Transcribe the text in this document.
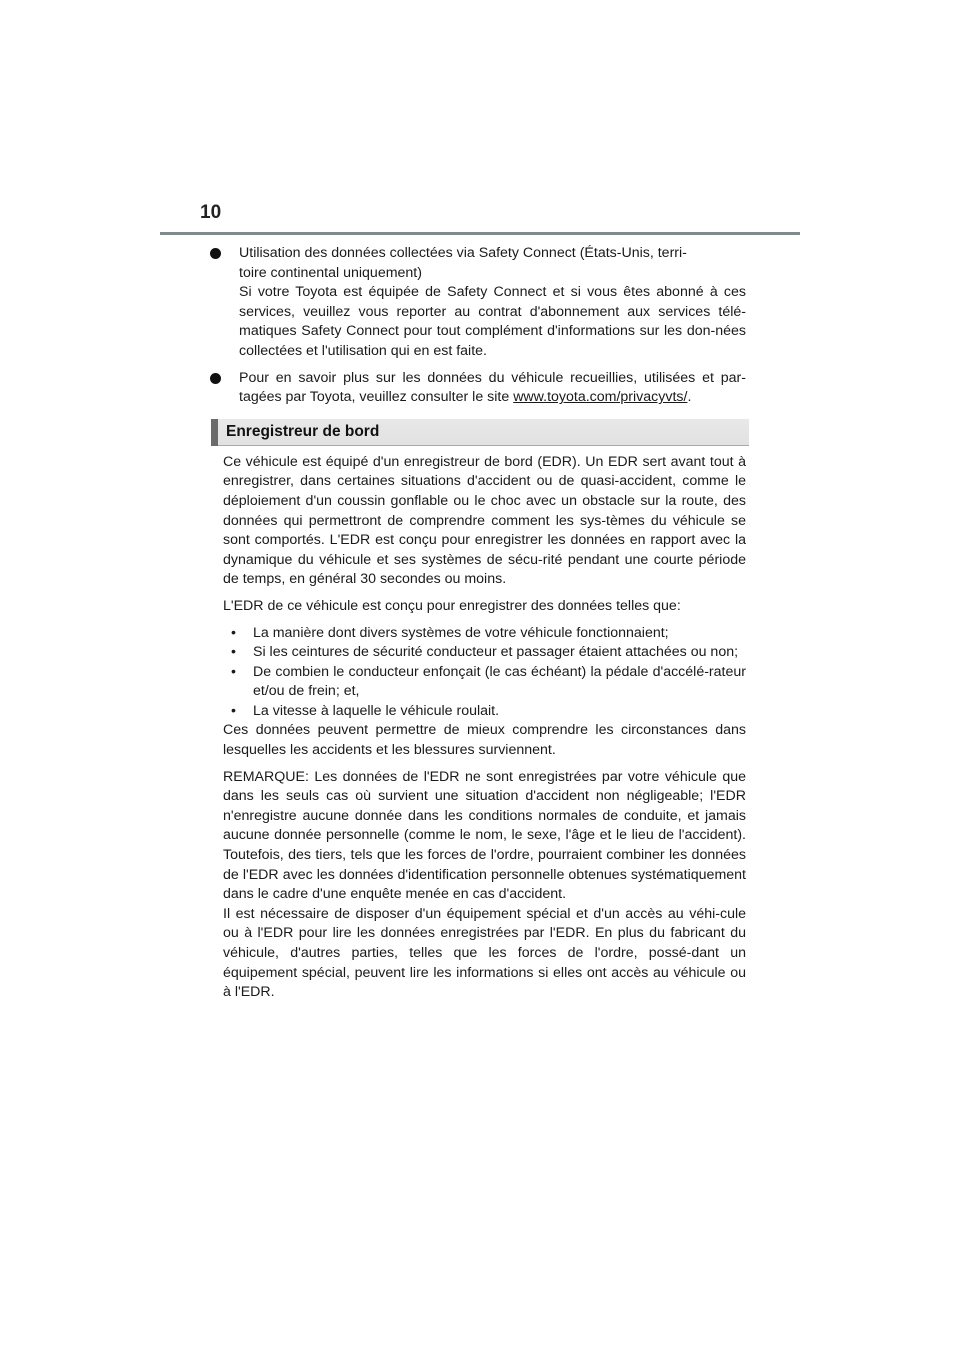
10
Utilisation des données collectées via Safety Connect (États-Unis, terri-
toire continental uniquement)
Si votre Toyota est équipée de Safety Connect et si vous êtes abonné à ces services, veuillez vous reporter au contrat d'abonnement aux services télé-matiques Safety Connect pour tout complément d'informations sur les don-nées collectées et l'utilisation qui en est faite.
Pour en savoir plus sur les données du véhicule recueillies, utilisées et par-tagées par Toyota, veuillez consulter le site www.toyota.com/privacyvts/.
Enregistreur de bord

Ce véhicule est équipé d'un enregistreur de bord (EDR). Un EDR sert avant tout à enregistrer, dans certaines situations d'accident ou de quasi-accident, comme le déploiement d'un coussin gonflable ou le choc avec un obstacle sur la route, des données qui permettront de comprendre comment les sys-tèmes du véhicule se sont comportés. L'EDR est conçu pour enregistrer les données en rapport avec la dynamique du véhicule et ses systèmes de sécu-rité pendant une courte période de temps, en général 30 secondes ou moins.

L'EDR de ce véhicule est conçu pour enregistrer des données telles que:

• La manière dont divers systèmes de votre véhicule fonctionnaient;
• Si les ceintures de sécurité conducteur et passager étaient attachées ou non;
• De combien le conducteur enfonçait (le cas échéant) la pédale d'accélé-rateur et/ou de frein; et,
• La vitesse à laquelle le véhicule roulait.

Ces données peuvent permettre de mieux comprendre les circonstances dans lesquelles les accidents et les blessures surviennent.

REMARQUE: Les données de l'EDR ne sont enregistrées par votre véhicule que dans les seuls cas où survient une situation d'accident non négligeable; l'EDR n'enregistre aucune donnée dans les conditions normales de conduite, et jamais aucune donnée personnelle (comme le nom, le sexe, l'âge et le lieu de l'accident). Toutefois, des tiers, tels que les forces de l'ordre, pourraient combiner les données de l'EDR avec les données d'identification personnelle obtenues systématiquement dans le cadre d'une enquête menée en cas d'accident.

Il est nécessaire de disposer d'un équipement spécial et d'un accès au véhi-cule ou à l'EDR pour lire les données enregistrées par l'EDR. En plus du fabricant du véhicule, d'autres parties, telles que les forces de l'ordre, possé-dant un équipement spécial, peuvent lire les informations si elles ont accès au véhicule ou à l'EDR.
